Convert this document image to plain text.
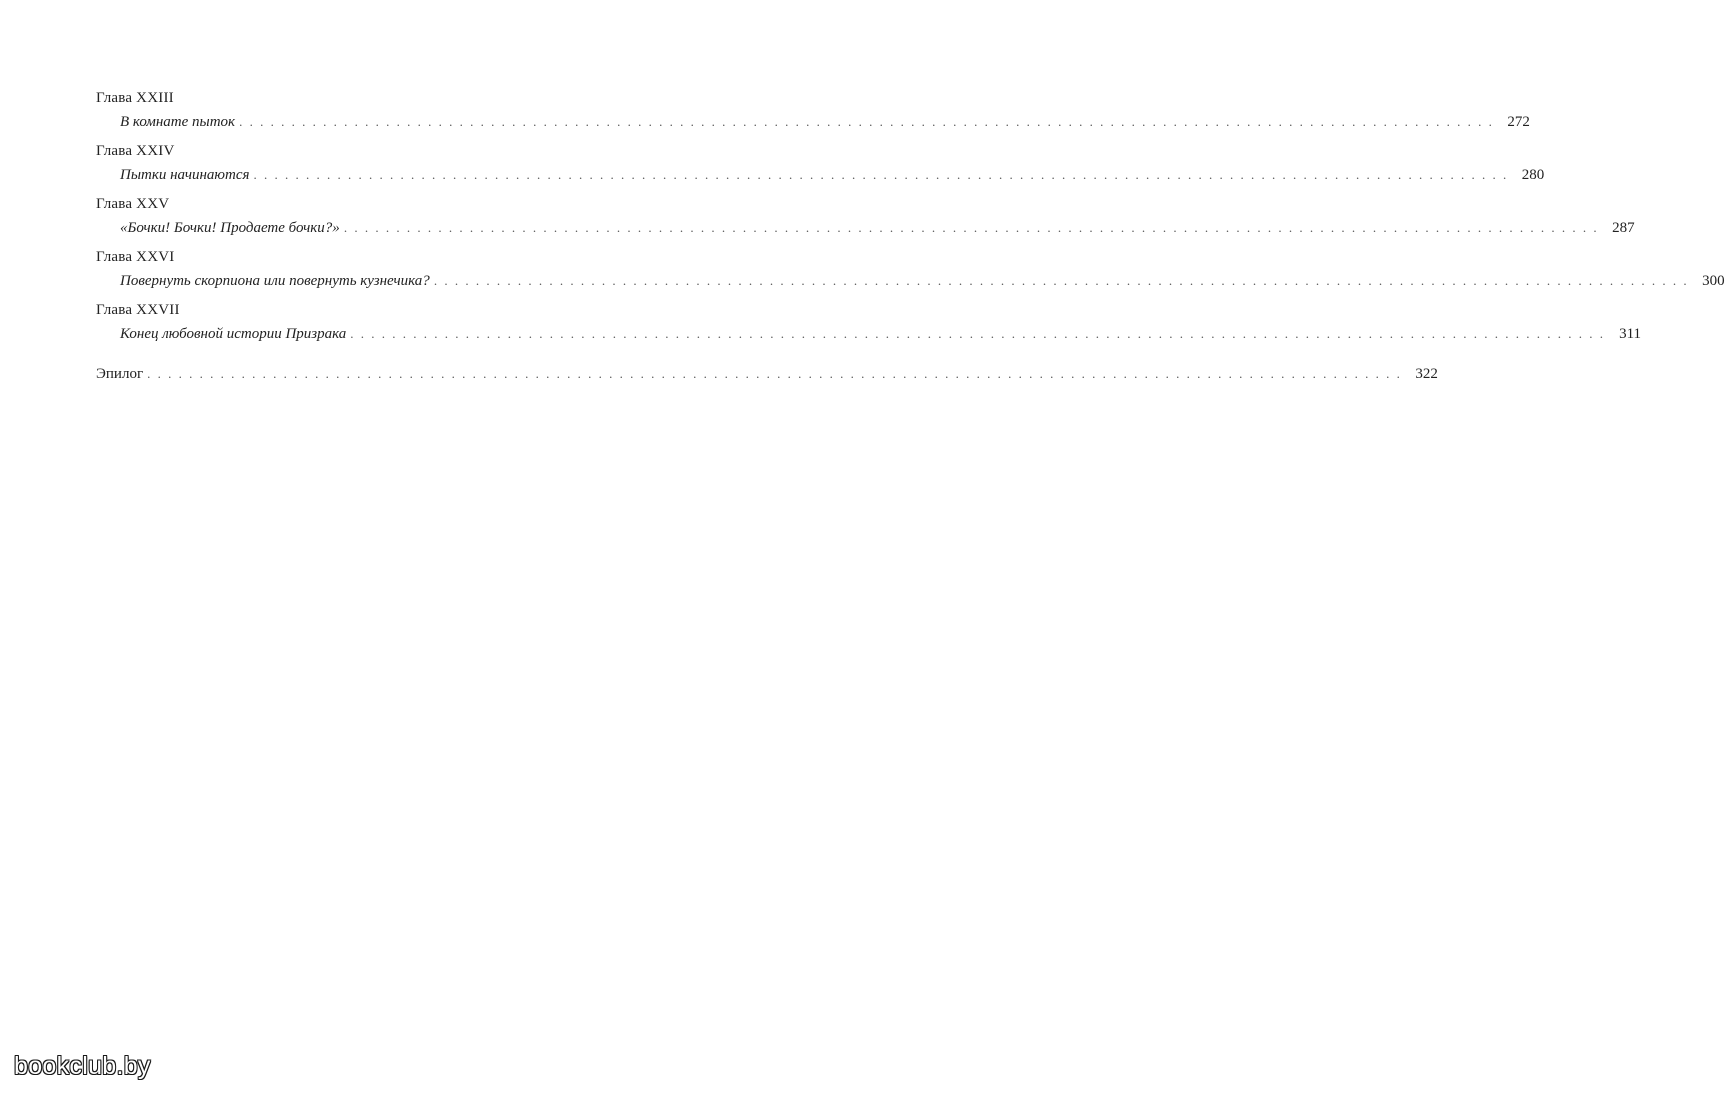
Глава XXIII
В комнате пыток . . . . . . . . . . . . . . . . . . . . . . . . . . . . . . . . . . . . . . . . . . . . . . . . . . . . . . . . . . . . . . . . . . . . . . . . . . . . . . . . . . . . . . . . . . . . . . . . . . . . . . . . . . . . . . . . . . . . . . . . 272
Глава XXIV
Пытки начинаются . . . . . . . . . . . . . . . . . . . . . . . . . . . . . . . . . . . . . . . . . . . . . . . . . . . . . . . . . . . . . . . . . . . . . . . . . . . . . . . . . . . . . . . . . . . . . . . . . . . . . . . . . . . . . . . . . . . . . . . . 280
Глава XXV
«Бочки! Бочки! Продаете бочки?» . . . . . . . . . . . . . . . . . . . . . . . . . . . . . . . . . . . . . . . . . . . . . . . . . . . . . . . . . . . . . . . . . . . . . . . . . . . . . . . . . . . . . . . . . . . . . . . . . . . . . . . . . . . . . . . . . . . . . . . . 287
Глава XXVI
Повернуть скорпиона или повернуть кузнечика? . . . . . . . . . . . . . . . . . . . . . . . . . . . . . . . . . . . . . . . . . . . . . . . . . . . . . . . . . . . . . . . . . . . . . . . . . . . . . . . . . . . . . . . . . . . . . . . . . . . . . . . . . . . . . . . . . . . . . . . . 300
Глава XXVII
Конец любовной истории Призрака . . . . . . . . . . . . . . . . . . . . . . . . . . . . . . . . . . . . . . . . . . . . . . . . . . . . . . . . . . . . . . . . . . . . . . . . . . . . . . . . . . . . . . . . . . . . . . . . . . . . . . . . . . . . . . . . . . . . . . . . 311
Эпилог . . . . . . . . . . . . . . . . . . . . . . . . . . . . . . . . . . . . . . . . . . . . . . . . . . . . . . . . . . . . . . . . . . . . . . . . . . . . . . . . . . . . . . . . . . . . . . . . . . . . . . . . . . . . . . . . . . . . . . . . 322
bookclub.by
